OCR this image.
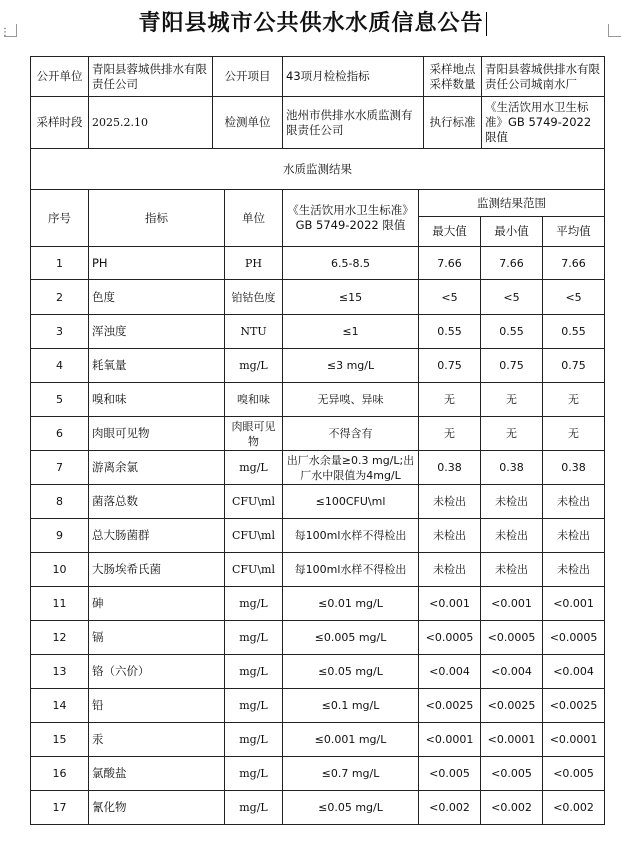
⋮	青阳县城市公共供水水质信息公告
公开单位	青阳县蓉城供排水有限责任公司	公开项目	43项月检检指标	采样地点采样数量	青阳县蓉城供排水有限责任公司城南水厂
采样时段	2025.2.10	检测单位	池州市供排水水质监测有限责任公司	执行标准	《生活饮用水卫生标准》GB 5749-2022 限值
水质监测结果						
序号	指标	单位	《生活饮用水卫生标准》GB 5749-2022 限值	监测结果范围		
				最大值	最小值	平均值
1	PH	PH	6.5-8.5	7.66	7.66	7.66
2	色度	铂钴色度	≤15	<5	<5	<5
3	浑浊度	NTU	≤1	0.55	0.55	0.55
4	耗氧量	mg/L	≤3 mg/L	0.75	0.75	0.75
5	嗅和味	嗅和味	无异嗅、异味	无	无	无
6	肉眼可见物	肉眼可见物	不得含有	无	无	无
7	游离余氯	mg/L	出厂水余量≥0.3 mg/L;出厂水中限值为4mg/L	0.38	0.38	0.38
8	菌落总数	CFU\ml	≤100CFU\ml	未检出	未检出	未检出
9	总大肠菌群	CFU\ml	每100ml水样不得检出	未检出	未检出	未检出
10	大肠埃希氏菌	CFU\ml	每100ml水样不得检出	未检出	未检出	未检出
11	砷	mg/L	≤0.01 mg/L	<0.001	<0.001	<0.001
12	镉	mg/L	≤0.005 mg/L	<0.0005	<0.0005	<0.0005
13	铬（六价）	mg/L	≤0.05 mg/L	<0.004	<0.004	<0.004
14	铅	mg/L	≤0.1 mg/L	<0.0025	<0.0025	<0.0025
15	汞	mg/L	≤0.001 mg/L	<0.0001	<0.0001	<0.0001
16	氯酸盐	mg/L	≤0.7 mg/L	<0.005	<0.005	<0.005
17	氰化物	mg/L	≤0.05 mg/L	<0.002	<0.002	<0.002
